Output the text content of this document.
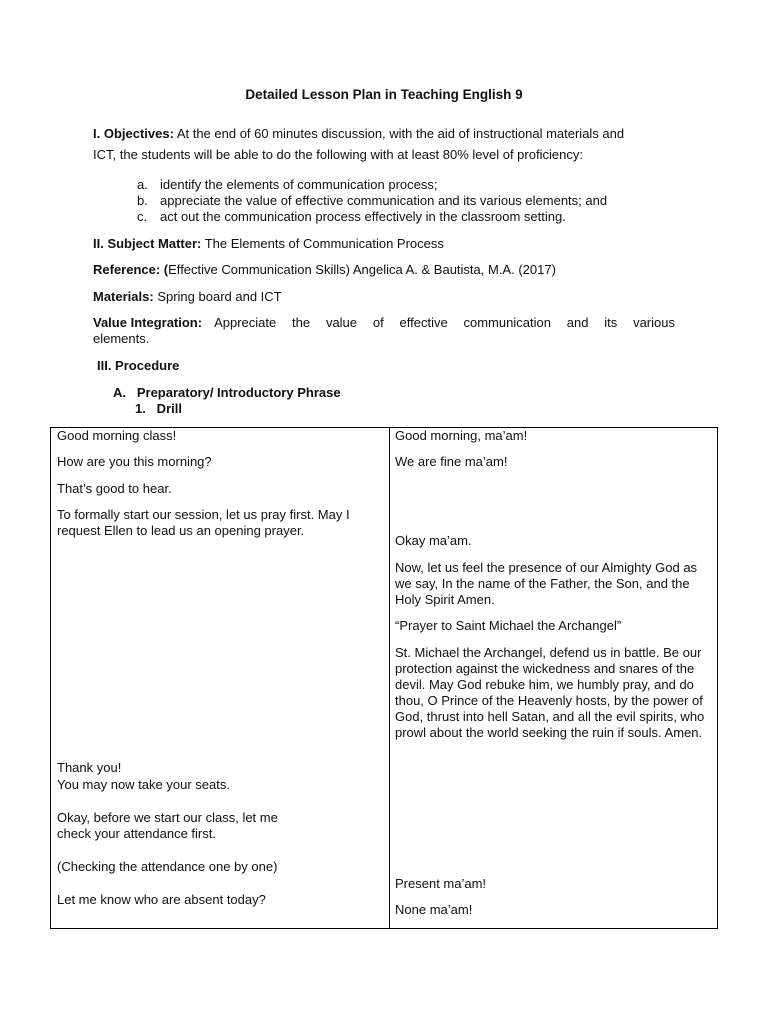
Detailed Lesson Plan in Teaching English 9
I. Objectives: At the end of 60 minutes discussion, with the aid of instructional materials and
ICT, the students will be able to do the following with at least 80% level of proficiency:
a. identify the elements of communication process;
b. appreciate the value of effective communication and its various elements; and
c. act out the communication process effectively in the classroom setting.
II. Subject Matter: The Elements of Communication Process
Reference: (Effective Communication Skills) Angelica A. & Bautista, M.A. (2017)
Materials: Spring board and ICT
Value Integration: Appreciate the value of effective communication and its various
elements.
III. Procedure
A.   Preparatory/ Introductory Phrase
1.   Drill
Good morning class!
How are you this morning?
That’s good to hear.
To formally start our session, let us pray first. May I
request Ellen to lead us an opening prayer.
Thank you!
You may now take your seats.
Okay, before we start our class, let me
check your attendance first.
(Checking the attendance one by one)
Let me know who are absent today?
Good morning, ma’am!
We are fine ma’am!
Okay ma’am.
Now, let us feel the presence of our Almighty God as we say, In the name of the Father, the Son, and the Holy Spirit Amen.
“Prayer to Saint Michael the Archangel”
St. Michael the Archangel, defend us in battle. Be our protection against the wickedness and snares of the devil. May God rebuke him, we humbly pray, and do thou, O Prince of the Heavenly hosts, by the power of God, thrust into hell Satan, and all the evil spirits, who prowl about the world seeking the ruin if souls. Amen.
Present ma’am!
None ma’am!
